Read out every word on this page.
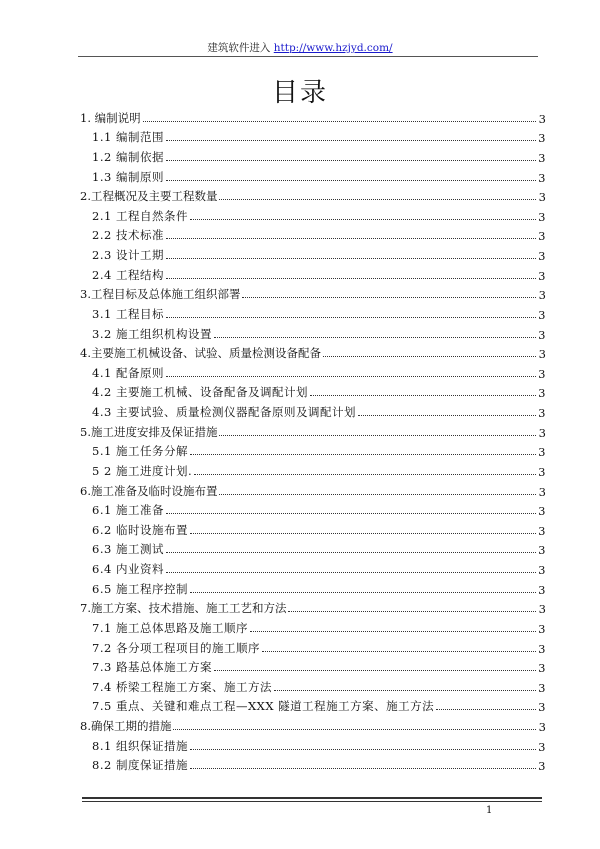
建筑软件进入 http://www.hzjyd.com/
目录
1. 编制说明	3
1.1 编制范围	3
1.2 编制依据	3
1.3 编制原则	3
2.工程概况及主要工程数量	3
2.1 工程自然条件	3
2.2 技术标准	3
2.3 设计工期	3
2.4 工程结构	3
3.工程目标及总体施工组织部署	3
3.1 工程目标	3
3.2 施工组织机构设置	3
4.主要施工机械设备、试验、质量检测设备配备	3
4.1 配备原则	3
4.2 主要施工机械、设备配备及调配计划	3
4.3 主要试验、质量检测仪器配备原则及调配计划	3
5.施工进度安排及保证措施	3
5.1 施工任务分解	3
5 2 施工进度计划.	3
6.施工准备及临时设施布置	3
6.1 施工准备	3
6.2 临时设施布置	3
6.3 施工测试	3
6.4 内业资料	3
6.5 施工程序控制	3
7.施工方案、技术措施、施工工艺和方法	3
7.1 施工总体思路及施工顺序	3
7.2 各分项工程项目的施工顺序	3
7.3 路基总体施工方案	3
7.4 桥梁工程施工方案、施工方法	3
7.5 重点、关键和难点工程—XXX 隧道工程施工方案、施工方法	3
8.确保工期的措施	3
8.1 组织保证措施	3
8.2 制度保证措施	3
1
